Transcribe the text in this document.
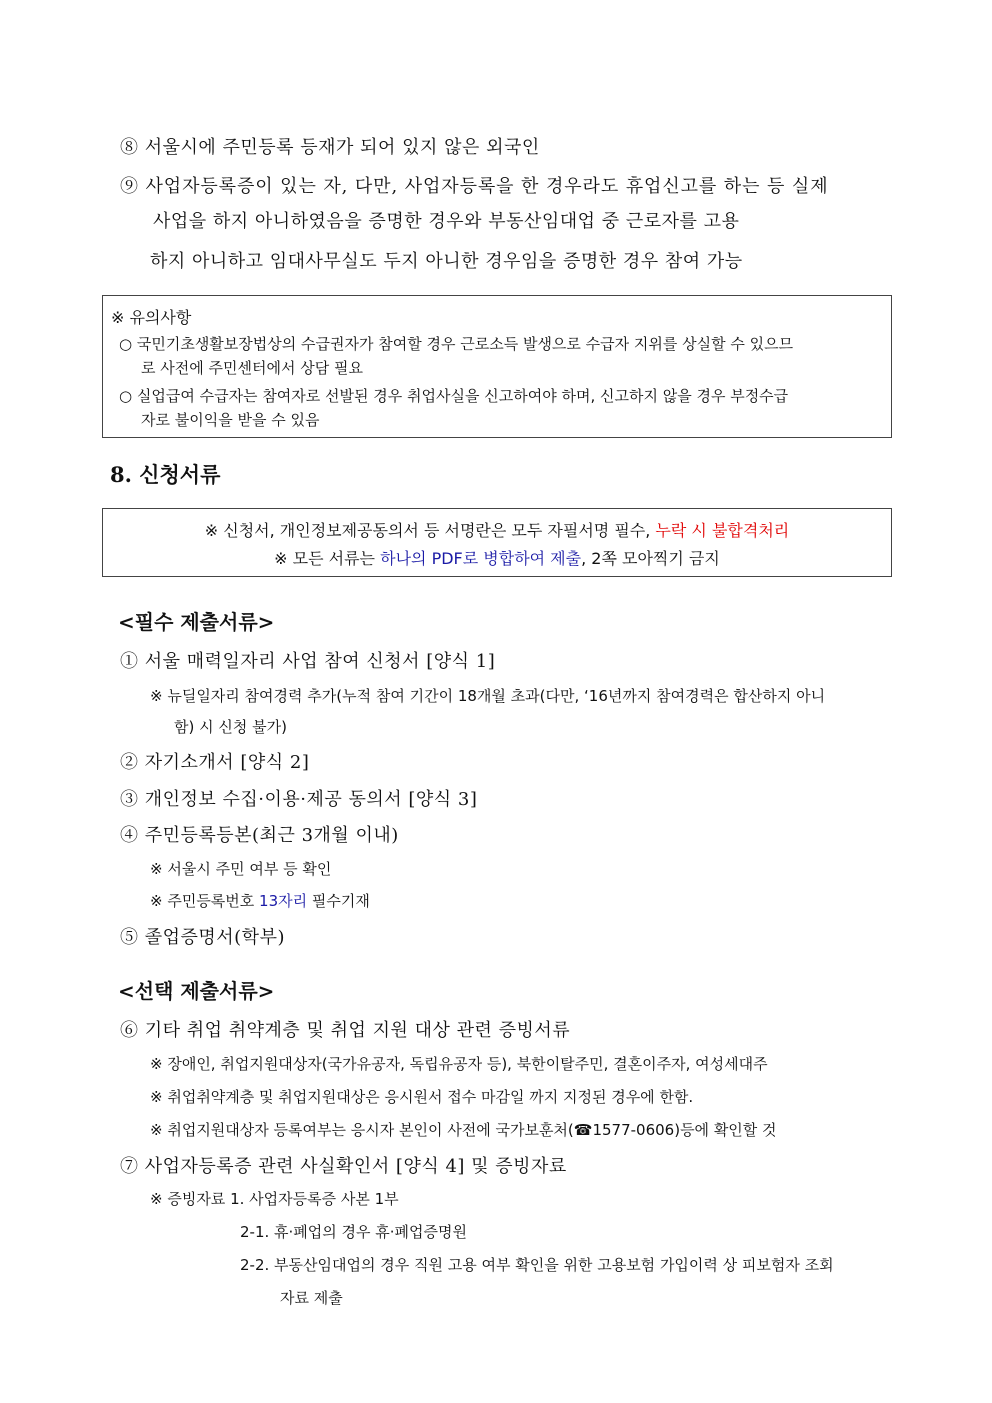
⑧ 서울시에 주민등록 등재가 되어 있지 않은 외국인
⑨ 사업자등록증이 있는 자, 다만, 사업자등록을 한 경우라도 휴업신고를 하는 등 실제
사업을 하지 아니하였음을 증명한 경우와 부동산임대업 중 근로자를 고용
하지 아니하고 임대사무실도 두지 아니한 경우임을 증명한 경우 참여 가능
※ 유의사항
○ 국민기초생활보장법상의 수급권자가 참여할 경우 근로소득 발생으로 수급자 지위를 상실할 수 있으므
로 사전에 주민센터에서 상담 필요
○ 실업급여 수급자는 참여자로 선발된 경우 취업사실을 신고하여야 하며, 신고하지 않을 경우 부정수급
자로 불이익을 받을 수 있음
8. 신청서류
※ 신청서, 개인정보제공동의서 등 서명란은 모두 자필서명 필수, 누락 시 불합격처리
※ 모든 서류는 하나의 PDF로 병합하여 제출, 2쪽 모아찍기 금지
<필수 제출서류>
① 서울 매력일자리 사업 참여 신청서 [양식 1]
※ 뉴딜일자리 참여경력 추가(누적 참여 기간이 18개월 초과(다만, ‘16년까지 참여경력은 합산하지 아니
함) 시 신청 불가)
② 자기소개서 [양식 2]
③ 개인정보 수집·이용·제공 동의서 [양식 3]
④ 주민등록등본(최근 3개월 이내)
※ 서울시 주민 여부 등 확인
※ 주민등록번호 13자리 필수기재
⑤ 졸업증명서(학부)
<선택 제출서류>
⑥ 기타 취업 취약계층 및 취업 지원 대상 관련 증빙서류
※ 장애인, 취업지원대상자(국가유공자, 독립유공자 등), 북한이탈주민, 결혼이주자, 여성세대주
※ 취업취약계층 및 취업지원대상은 응시원서 접수 마감일 까지 지정된 경우에 한함.
※ 취업지원대상자 등록여부는 응시자 본인이 사전에 국가보훈처(☎1577-0606)등에 확인할 것
⑦ 사업자등록증 관련 사실확인서 [양식 4] 및 증빙자료
※ 증빙자료 1. 사업자등록증 사본 1부
2-1. 휴·폐업의 경우 휴·폐업증명원
2-2. 부동산임대업의 경우 직원 고용 여부 확인을 위한 고용보험 가입이력 상 피보험자 조회
자료 제출
